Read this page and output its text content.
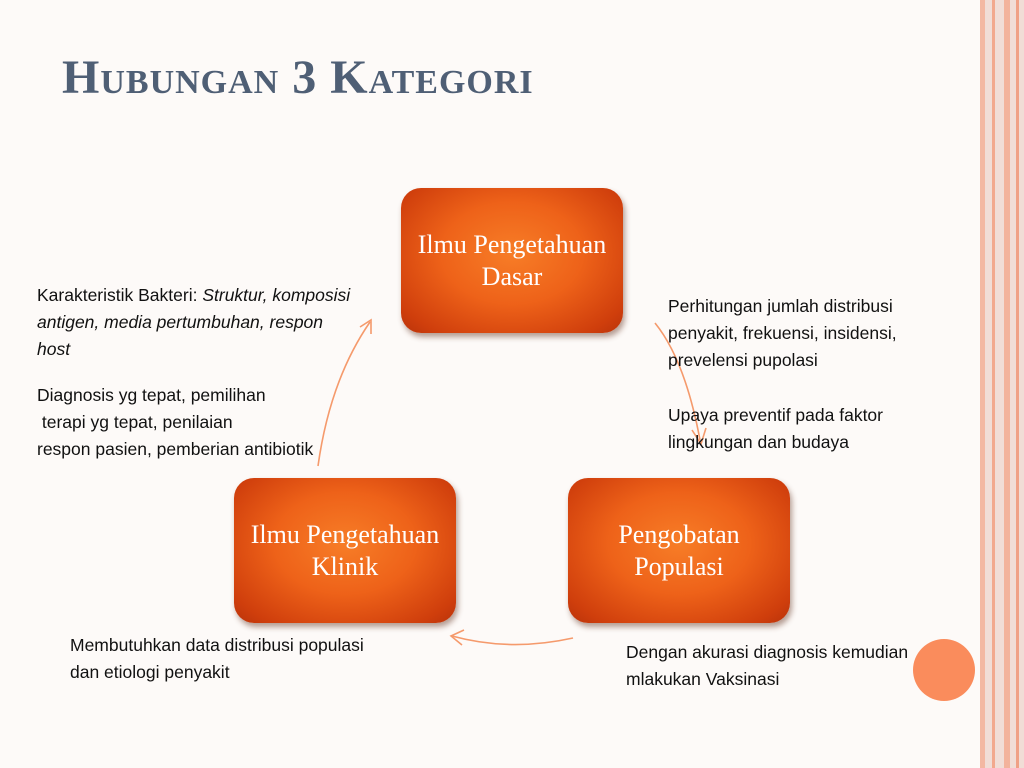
Hubungan 3 Kategori
Ilmu Pengetahuan Dasar
Ilmu Pengetahuan Klinik
Pengobatan Populasi
Karakteristik Bakteri: Struktur, komposisi antigen, media pertumbuhan, respon host

Diagnosis yg tepat, pemilihan

terapi yg tepat, penilaian

respon pasien, pemberian antibiotik

Perhitungan jumlah distribusi

penyakit, frekuensi, insidensi,

prevelensi pupolasi

Upaya preventif pada faktor

lingkungan dan budaya

Membutuhkan data distribusi populasi

dan etiologi penyakit

Dengan akurasi diagnosis kemudian

mlakukan Vaksinasi
